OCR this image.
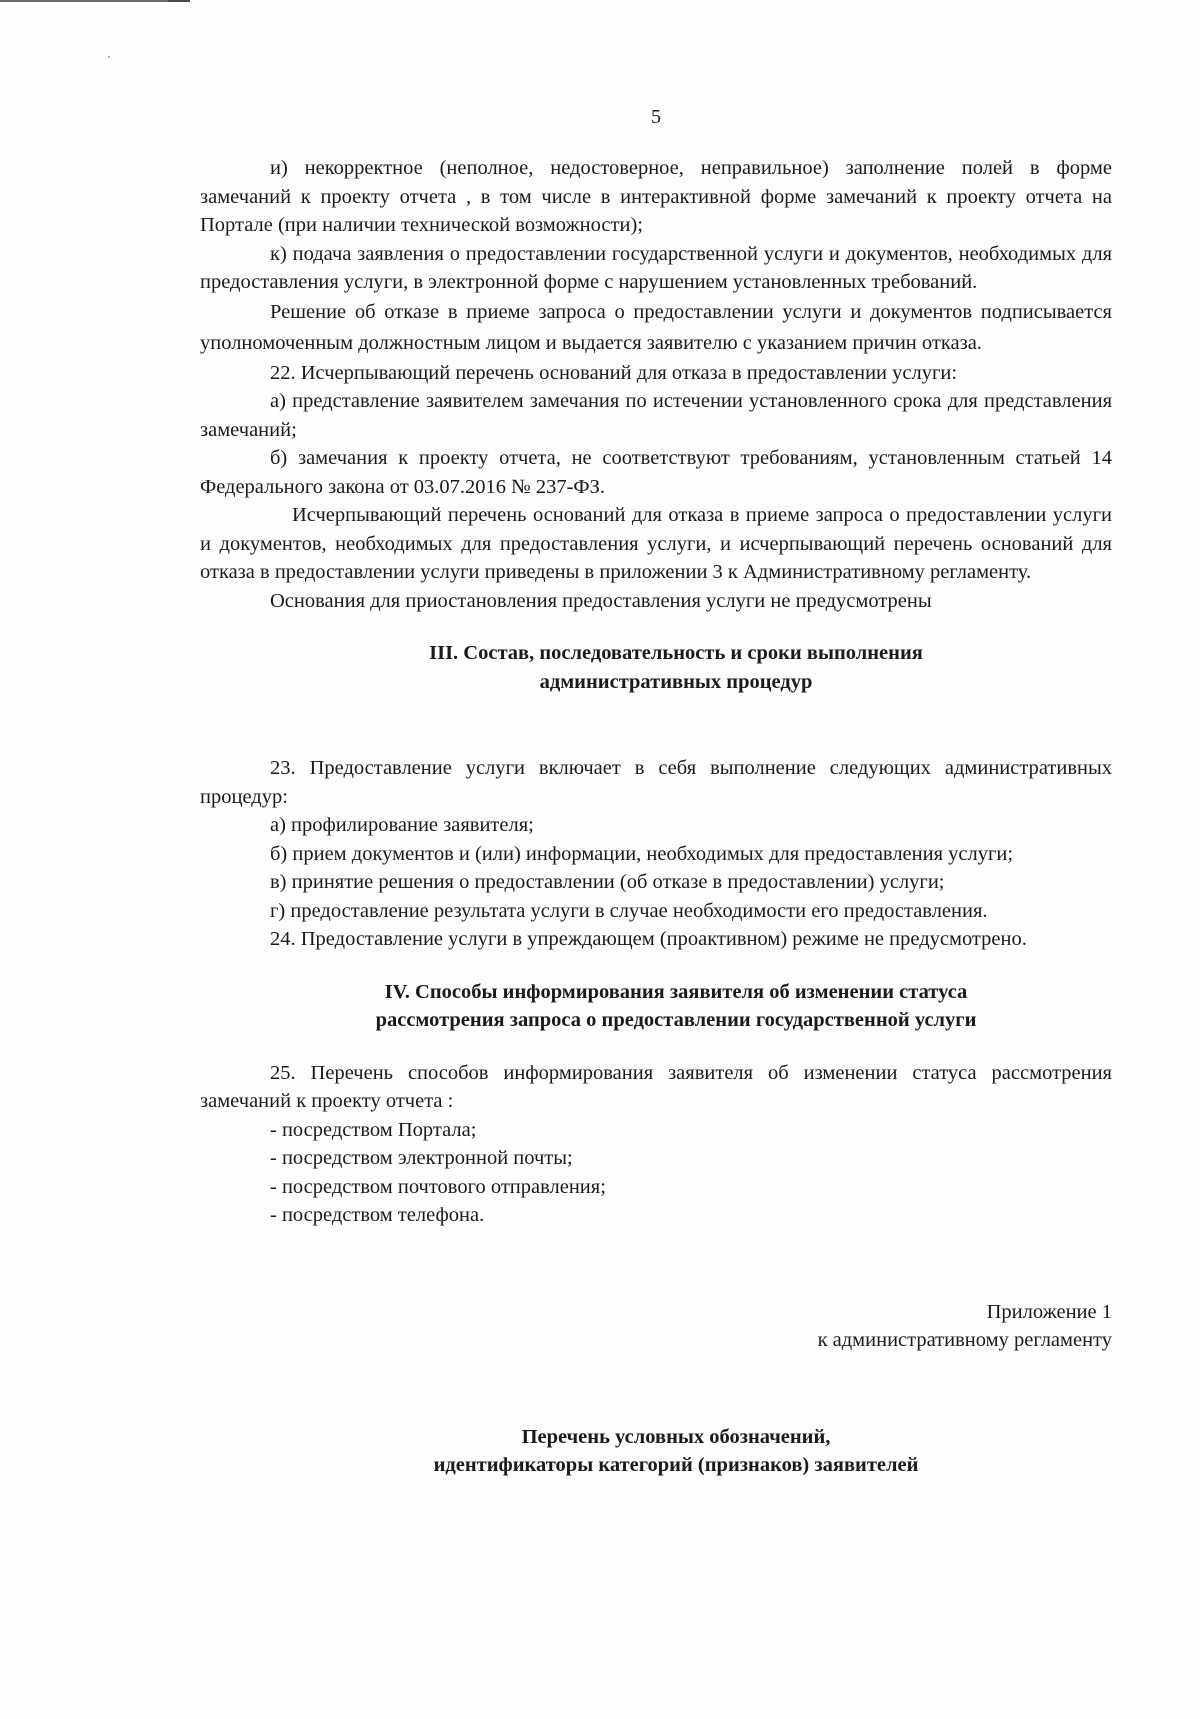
5

и) некорректное (неполное, недостоверное, неправильное) заполнение полей в форме замечаний к проекту отчета , в том числе в интерактивной форме замечаний к проекту отчета на Портале (при наличии технической возможности);

к) подача заявления о предоставлении государственной услуги и документов, необходимых для предоставления услуги, в электронной форме с нарушением установленных требований.

Решение об отказе в приеме запроса о предоставлении услуги и документов подписывается уполномоченным должностным лицом и выдается заявителю с указанием причин отказа.

22. Исчерпывающий перечень оснований для отказа в предоставлении услуги:

а) представление заявителем замечания по истечении установленного срока для представления замечаний;

б) замечания к проекту отчета, не соответствуют требованиям, установленным статьей 14 Федерального закона от 03.07.2016 № 237-ФЗ.

Исчерпывающий перечень оснований для отказа в приеме запроса о предоставлении услуги и документов, необходимых для предоставления услуги, и исчерпывающий перечень оснований для отказа в предоставлении услуги приведены в приложении 3 к Административному регламенту.

Основания для приостановления предоставления услуги не предусмотрены

III. Состав, последовательность и сроки выполнения

административных процедур

23. Предоставление услуги включает в себя выполнение следующих административных процедур:

а) профилирование заявителя;

б) прием документов и (или) информации, необходимых для предоставления услуги;

в) принятие решения о предоставлении (об отказе в предоставлении) услуги;

г) предоставление результата услуги в случае необходимости его предоставления.

24. Предоставление услуги в упреждающем (проактивном) режиме не предусмотрено.

IV. Способы информирования заявителя об изменении статуса

рассмотрения запроса о предоставлении государственной услуги

25. Перечень способов информирования заявителя об изменении статуса рассмотрения замечаний к проекту отчета :

- посредством Портала;

- посредством электронной почты;

- посредством почтового отправления;

- посредством телефона.

Приложение 1

к административному регламенту

Перечень условных обозначений,

идентификаторы категорий (признаков) заявителей
